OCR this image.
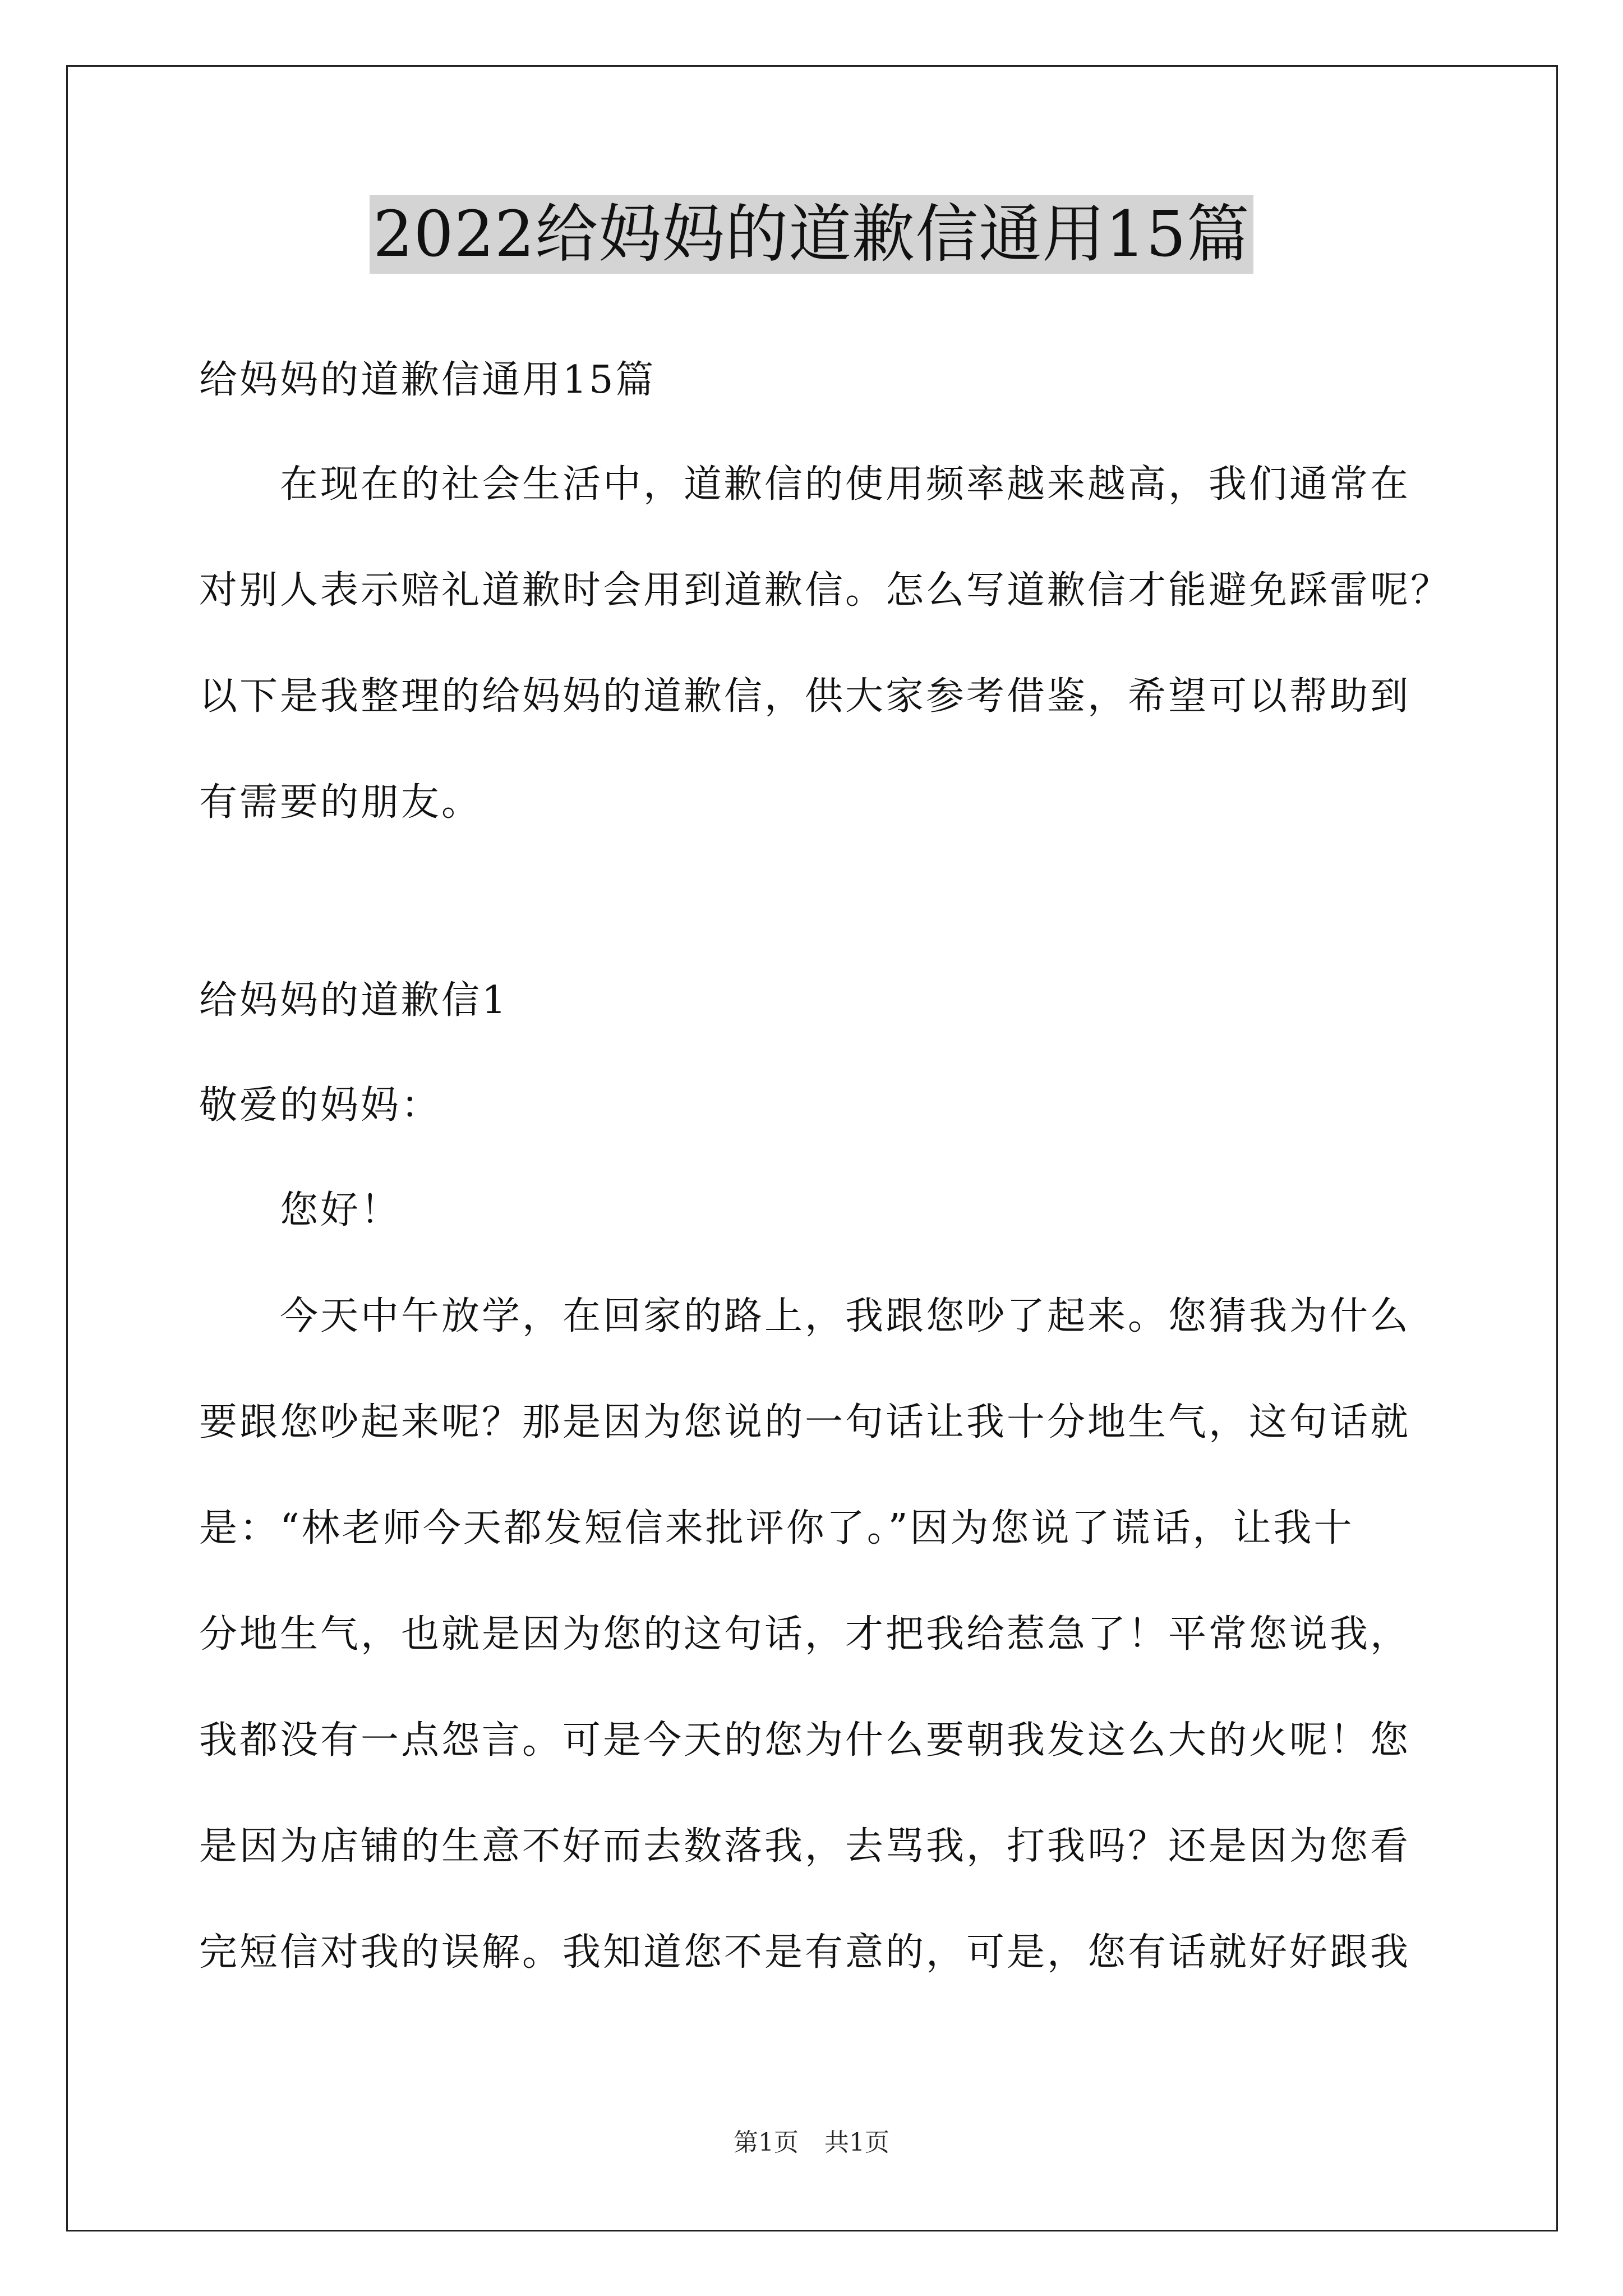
2022给妈妈的道歉信通用15篇
给妈妈的道歉信通用15篇
　　在现在的社会生活中，道歉信的使用频率越来越高，我们通常在
对别人表示赔礼道歉时会用到道歉信。怎么写道歉信才能避免踩雷呢？
以下是我整理的给妈妈的道歉信，供大家参考借鉴，希望可以帮助到
有需要的朋友。
给妈妈的道歉信1
敬爱的妈妈：
　　您好！
　　今天中午放学，在回家的路上，我跟您吵了起来。您猜我为什么
要跟您吵起来呢？那是因为您说的一句话让我十分地生气，这句话就
是：“林老师今天都发短信来批评你了。”因为您说了谎话，让我十
分地生气，也就是因为您的这句话，才把我给惹急了！平常您说我，
我都没有一点怨言。可是今天的您为什么要朝我发这么大的火呢！您
是因为店铺的生意不好而去数落我，去骂我，打我吗？还是因为您看
完短信对我的误解。我知道您不是有意的，可是，您有话就好好跟我
第1页 共1页
